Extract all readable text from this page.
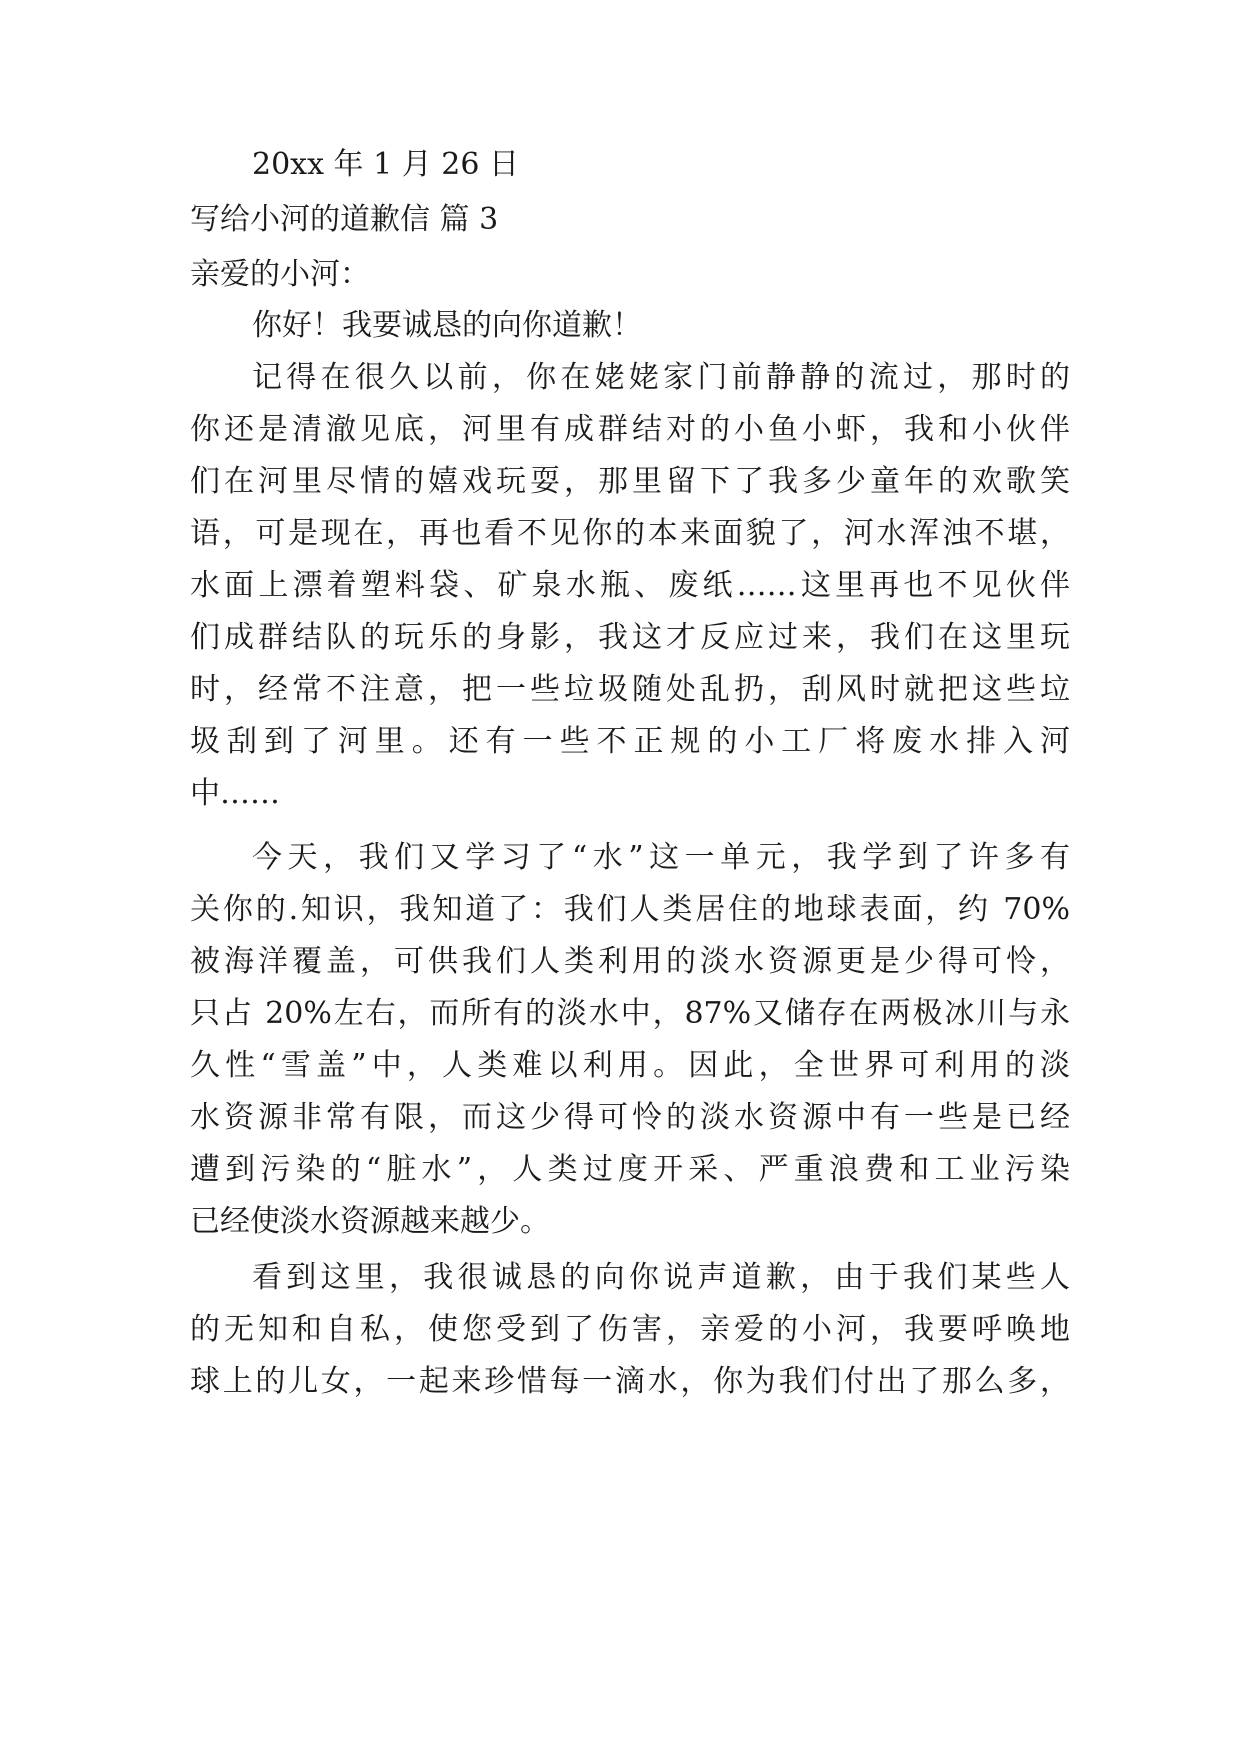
20xx 年 1 月 26 日
写给小河的道歉信 篇 3
亲爱的小河：
你好！我要诚恳的向你道歉！
记得在很久以前，你在姥姥家门前静静的流过，那时的
你还是清澈见底，河里有成群结对的小鱼小虾，我和小伙伴
们在河里尽情的嬉戏玩耍，那里留下了我多少童年的欢歌笑
语，可是现在，再也看不见你的本来面貌了，河水浑浊不堪，
水面上漂着塑料袋、矿泉水瓶、废纸……这里再也不见伙伴
们成群结队的玩乐的身影，我这才反应过来，我们在这里玩
时，经常不注意，把一些垃圾随处乱扔，刮风时就把这些垃
圾刮到了河里。还有一些不正规的小工厂将废水排入河
中……
今天，我们又学习了“水”这一单元，我学到了许多有
关你的.知识，我知道了：我们人类居住的地球表面，约 70%
被海洋覆盖，可供我们人类利用的淡水资源更是少得可怜，
只占 20%左右，而所有的淡水中，87%又储存在两极冰川与永
久性“雪盖”中，人类难以利用。因此，全世界可利用的淡
水资源非常有限，而这少得可怜的淡水资源中有一些是已经
遭到污染的“脏水”，人类过度开采、严重浪费和工业污染
已经使淡水资源越来越少。
看到这里，我很诚恳的向你说声道歉，由于我们某些人
的无知和自私，使您受到了伤害，亲爱的小河，我要呼唤地
球上的儿女，一起来珍惜每一滴水，你为我们付出了那么多，
